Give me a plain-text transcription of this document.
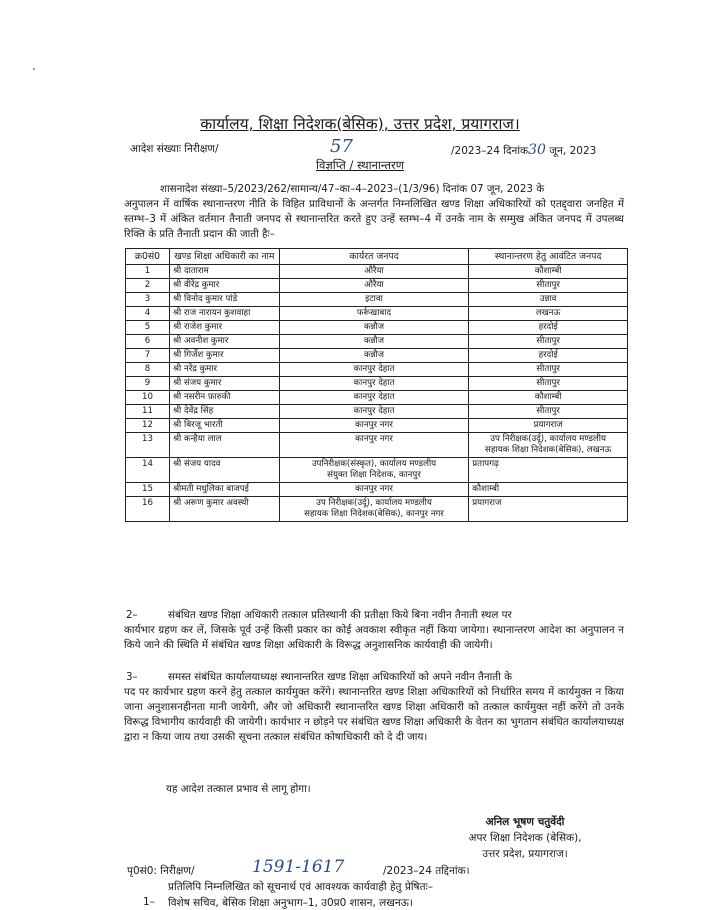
कार्यालय, शिक्षा निदेशक(बेसिक), उत्तर प्रदेश, प्रयागराज।
आदेश संख्याः निरीक्षण/	57	/2023–24 दिनांक30 जून, 2023
विज्ञप्ति / स्थानान्तरण
शासनादेश संख्या–5/2023/262/सामान्य/47–का–4–2023–(1/3/96) दिनांक 07 जून, 2023 के
अनुपालन में वार्षिक स्थानान्तरण नीति के विहित प्राविधानों के अन्तर्गत निम्नलिखित खण्ड शिक्षा अधिकारियों को एतद्द्वारा जनहित में स्तम्भ–3 में अंकित वर्तमान तैनाती जनपद से स्थानान्तरित करते हुए उन्हें स्तम्भ–4 में उनके नाम के सम्मुख अंकित जनपद में उपलब्ध रिक्ति के प्रति तैनाती प्रदान की जाती हैः–
क्र0सं0	खण्ड शिक्षा अधिकारी का नाम	कार्यरत जनपद	स्थानान्तरण हेतु आवंटित जनपद
1	श्री दाताराम	औरैया	कौशाम्बी
2	श्री वीरेंद्र कुमार	औरैया	सीतापुर
3	श्री विनोद कुमार पांडे	इटावा	उन्नाव
4	श्री राज नारायन कुशवाहा	फर्रूखाबाद	लखनऊ
5	श्री राजेश कुमार	कन्नौज	हरदोई
6	श्री अवनीश कुमार	कन्नौज	सीतापुर
7	श्री गिर्जेश कुमार	कन्नौज	हरदोई
8	श्री नरेंद्र कुमार	कानपुर देहात	सीतापुर
9	श्री संजय कुमार	कानपुर देहात	सीतापुर
10	श्री नसरीन फ़ारुकी	कानपुर देहात	कौशाम्बी
11	श्री देवेंद्र सिंह	कानपुर देहात	सीतापुर
12	श्री बिरजू भारती	कानपुर नगर	प्रयागराज
13	श्री कन्हैया लाल	कानपुर नगर	उप निरीक्षक(उर्दू), कार्यालय मण्डलीय
सहायक शिक्षा निदेशक(बेसिक), लखनऊ

14	श्री संजय यादव	उपनिरीक्षक(संस्कृत), कार्यालय मण्डलीय
संयुक्त शिक्षा निदेशक, कानपुर	प्रतापगढ़
15	श्रीमती मधुलिका बाजपई	कानपुर नगर	कौशाम्बी
16	श्री अरूण कुमार अवस्थी	उप निरीक्षक(उर्दू), कार्यालय मण्डलीय
सहायक शिक्षा निदेशक(बेसिक), कानपुर नगर	प्रयागराज
2–	संबंधित खण्ड शिक्षा अधिकारी तत्काल प्रतिस्थानी की प्रतीक्षा किये बिना नवीन तैनाती स्थल पर
कार्यभार ग्रहण कर लें, जिसके पूर्व उन्हें किसी प्रकार का कोई अवकाश स्वीकृत नहीं किया जायेगा। स्थानान्तरण आदेश का अनुपालन न किये जाने की स्थिति में संबंधित खण्ड शिक्षा अधिकारी के विरूद्ध अनुशासनिक कार्यवाही की जायेगी।
3–	समस्त संबंधित कार्यालयाध्यक्ष स्थानान्तरित खण्ड शिक्षा अधिकारियों को अपने नवीन तैनाती के
पद पर कार्यभार ग्रहण करने हेतु तत्काल कार्यमुक्त करेंगे। स्थानान्तरित खण्ड शिक्षा अधिकारियों को निर्धारित समय में कार्यमुक्त न किया जाना अनुशासनहीनता मानी जायेगी, और जो अधिकारी स्थानान्तरित खण्ड शिक्षा अधिकारी को तत्काल कार्यमुक्त नहीं करेंगे तो उनके विरूद्ध विभागीय कार्यवाही की जायेगी। कार्यभार न छोड़ने पर संबंधित खण्ड शिक्षा अधिकारी के वेतन का भुगतान संबंधित कार्यालयाध्यक्ष द्वारा न किया जाय तथा उसकी सूचना तत्काल संबंधित कोषाधिकारी को दे दी जाय।
यह आदेश तत्काल प्रभाव से लागू होगा।
अनिल भूषण चतुर्वेदी
अपर शिक्षा निदेशक (बेसिक),
उत्तर प्रदेश, प्रयागराज।
पृ0सं0: निरीक्षण/	1591-1617	/2023–24 तद्दिनांक।
प्रतिलिपि निम्नलिखित को सूचनार्थ एवं आवश्यक कार्यवाही हेतु प्रेषितः–
1– विशेष सचिव, बेसिक शिक्षा अनुभाग–1, उ0प्र0 शासन, लखनऊ।
